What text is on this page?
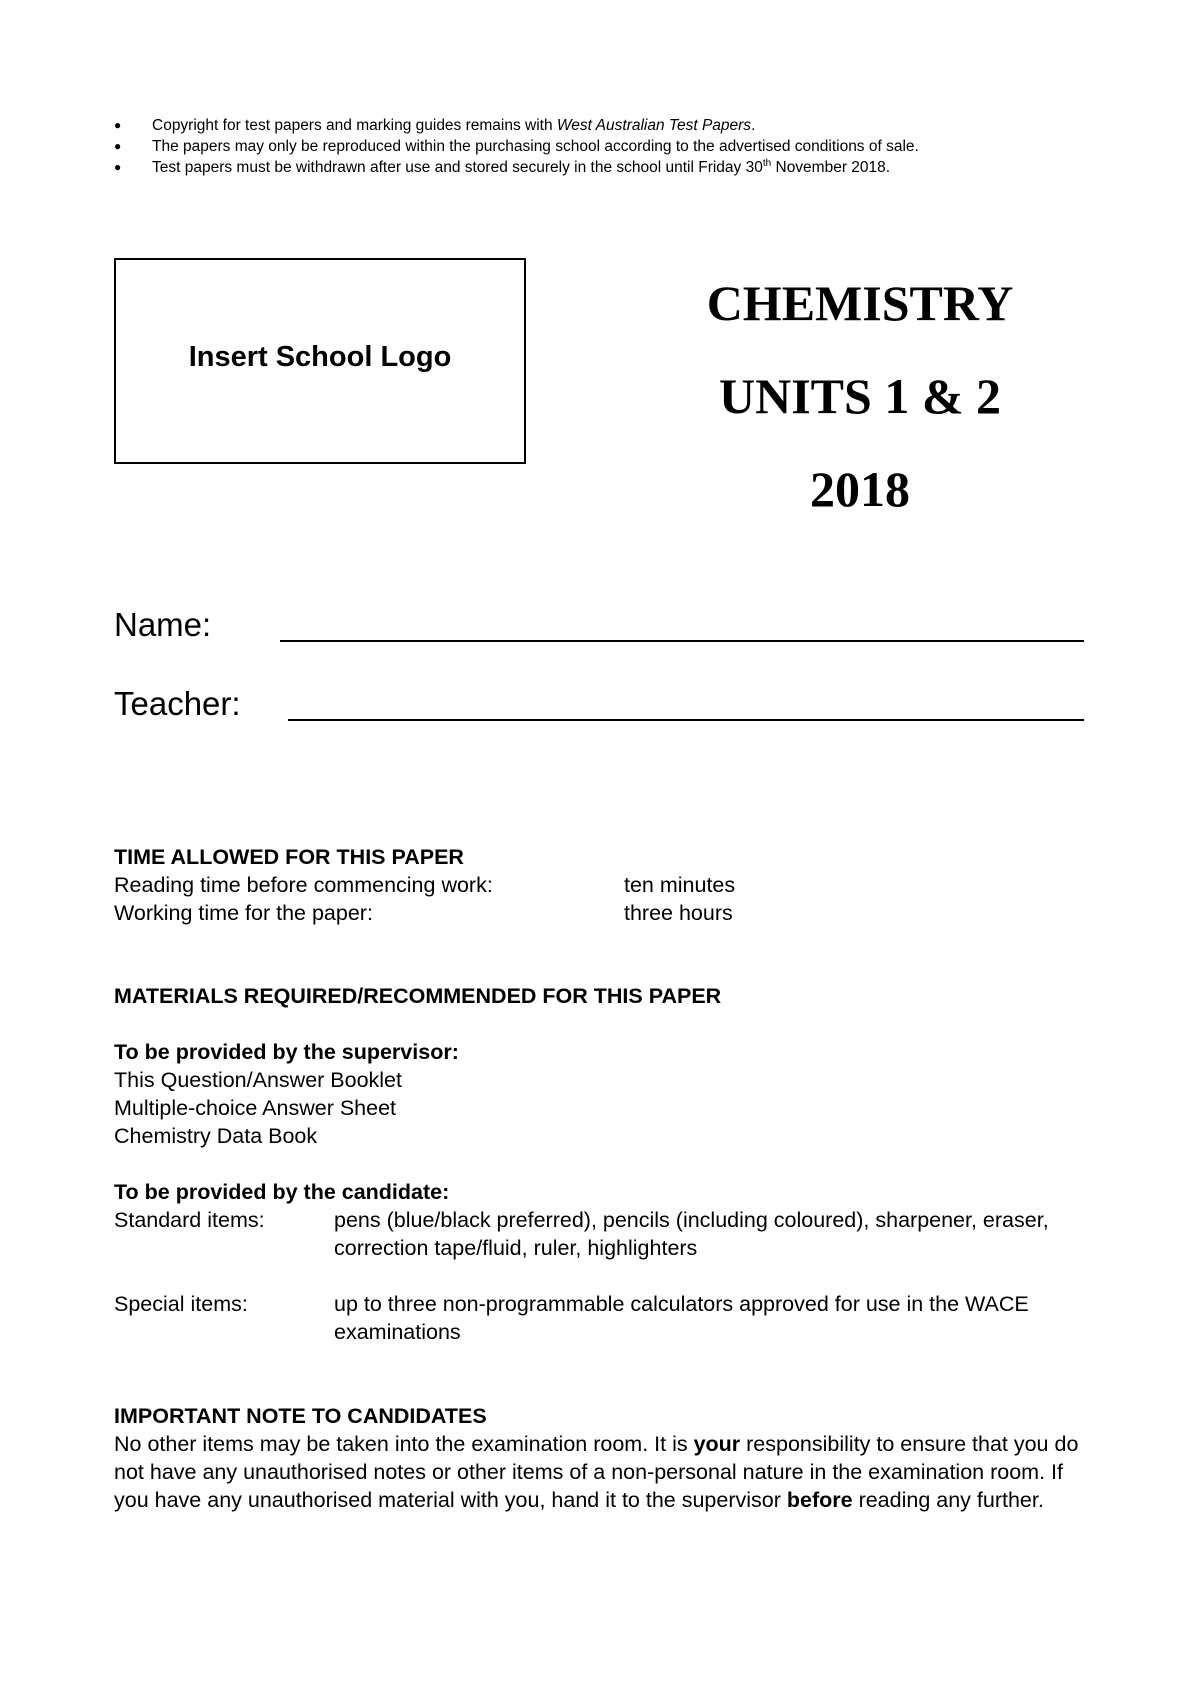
● Copyright for test papers and marking guides remains with West Australian Test Papers.
● The papers may only be reproduced within the purchasing school according to the advertised conditions of sale.
● Test papers must be withdrawn after use and stored securely in the school until Friday 30th November 2018.
Insert School Logo
CHEMISTRY
UNITS 1 & 2
2018
Name:
Teacher:
TIME ALLOWED FOR THIS PAPER
Reading time before commencing work:	ten minutes
Working time for the paper:	three hours
MATERIALS REQUIRED/RECOMMENDED FOR THIS PAPER
To be provided by the supervisor:
This Question/Answer Booklet
Multiple-choice Answer Sheet
Chemistry Data Book
To be provided by the candidate:
Standard items:	pens (blue/black preferred), pencils (including coloured), sharpener, eraser, correction tape/fluid, ruler, highlighters
Special items:	up to three non-programmable calculators approved for use in the WACE examinations
IMPORTANT NOTE TO CANDIDATES
No other items may be taken into the examination room. It is your responsibility to ensure that you do not have any unauthorised notes or other items of a non-personal nature in the examination room. If you have any unauthorised material with you, hand it to the supervisor before reading any further.
